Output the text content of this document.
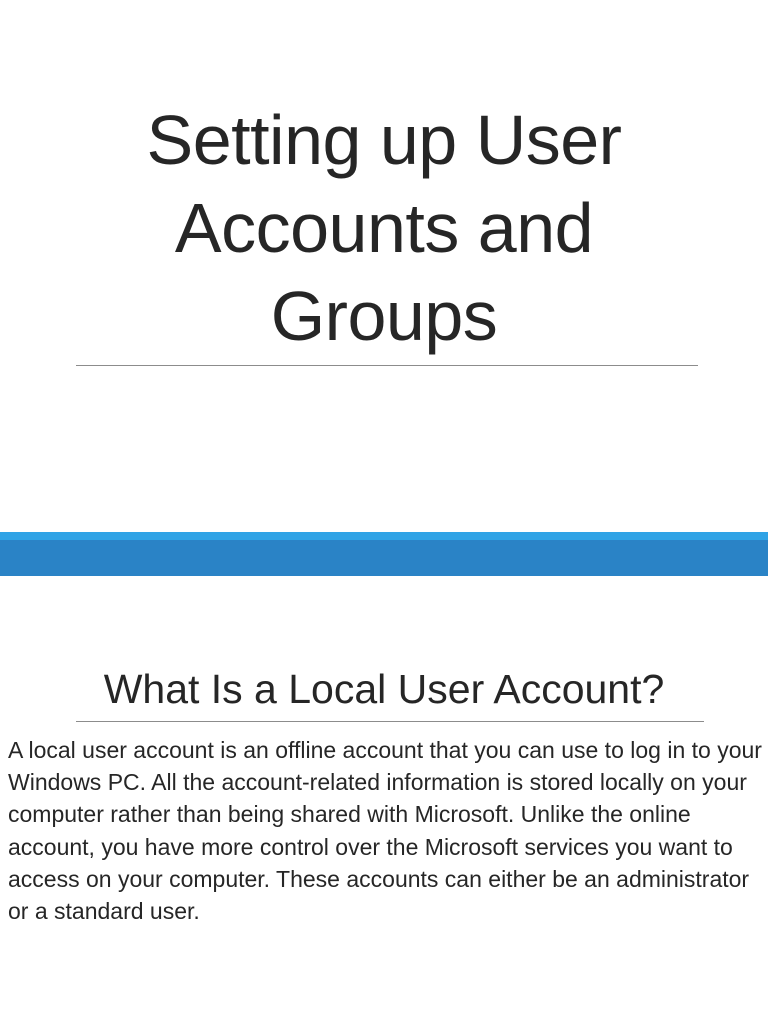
Setting up User Accounts and Groups
What Is a Local User Account?

A local user account is an offline account that you can use to log in to your Windows PC. All the account-related information is stored locally on your computer rather than being shared with Microsoft. Unlike the online account, you have more control over the Microsoft services you want to access on your computer. These accounts can either be an administrator or a standard user.
